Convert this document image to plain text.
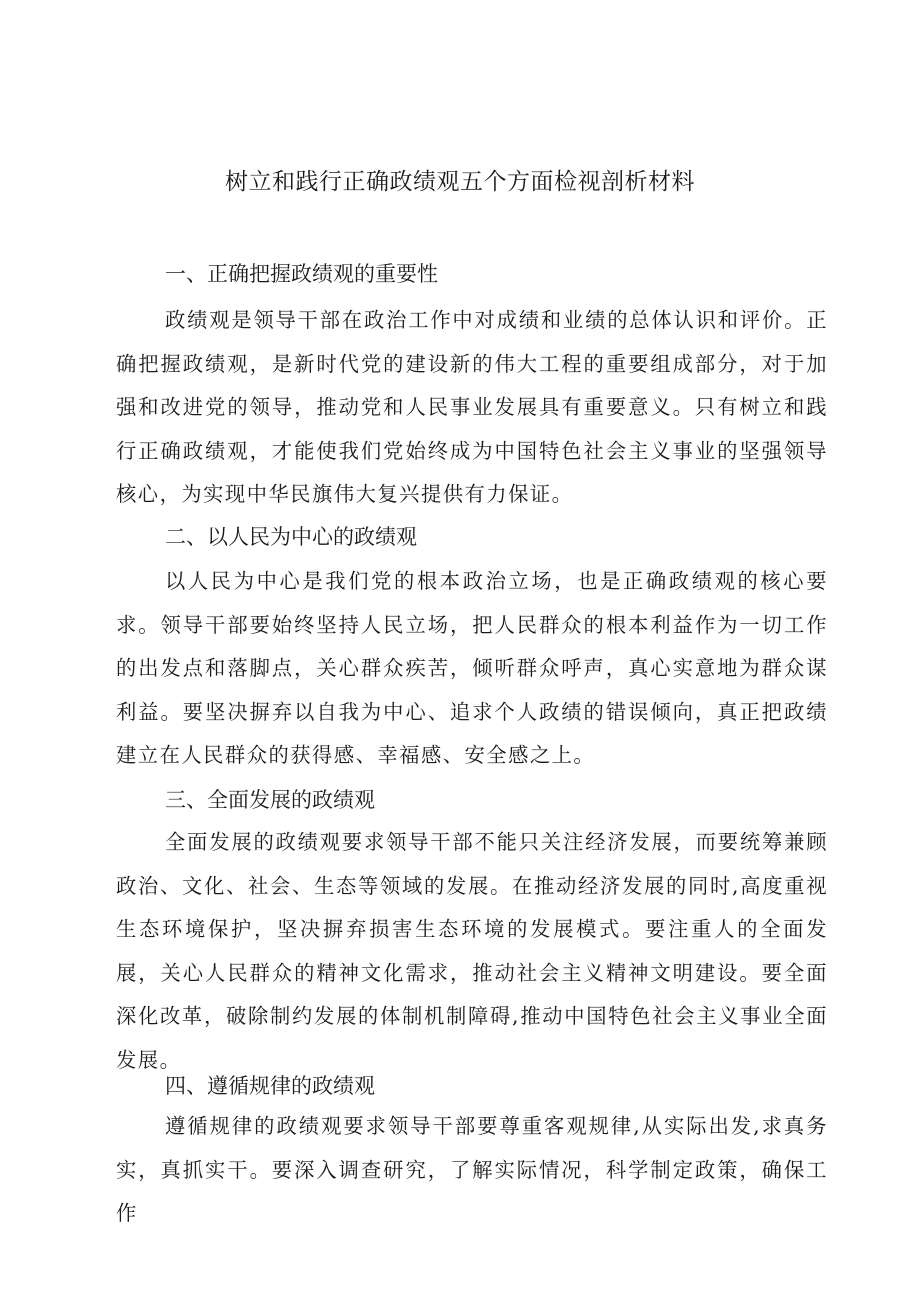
树立和践行正确政绩观五个方面检视剖析材料
一、正确把握政绩观的重要性

政绩观是领导干部在政治工作中对成绩和业绩的总体认识和评价。正确把握政绩观，是新时代党的建设新的伟大工程的重要组成部分，对于加强和改进党的领导，推动党和人民事业发展具有重要意义。只有树立和践行正确政绩观，才能使我们党始终成为中国特色社会主义事业的坚强领导核心，为实现中华民旗伟大复兴提供有力保证。

二、以人民为中心的政绩观

以人民为中心是我们党的根本政治立场，也是正确政绩观的核心要求。领导干部要始终坚持人民立场，把人民群众的根本利益作为一切工作的出发点和落脚点，关心群众疾苦，倾听群众呼声，真心实意地为群众谋利益。要坚决摒弃以自我为中心、追求个人政绩的错误倾向，真正把政绩建立在人民群众的获得感、幸福感、安全感之上。

三、全面发展的政绩观

全面发展的政绩观要求领导干部不能只关注经济发展，而要统筹兼顾政治、文化、社会、生态等领域的发展。在推动经济发展的同时,高度重视生态环境保护，坚决摒弃损害生态环境的发展模式。要注重人的全面发展，关心人民群众的精神文化需求，推动社会主义精神文明建设。要全面深化改革，破除制约发展的体制机制障碍,推动中国特色社会主义事业全面发展。

四、遵循规律的政绩观

遵循规律的政绩观要求领导干部要尊重客观规律,从实际出发,求真务实，真抓实干。要深入调查研究，了解实际情况，科学制定政策，确保工作
